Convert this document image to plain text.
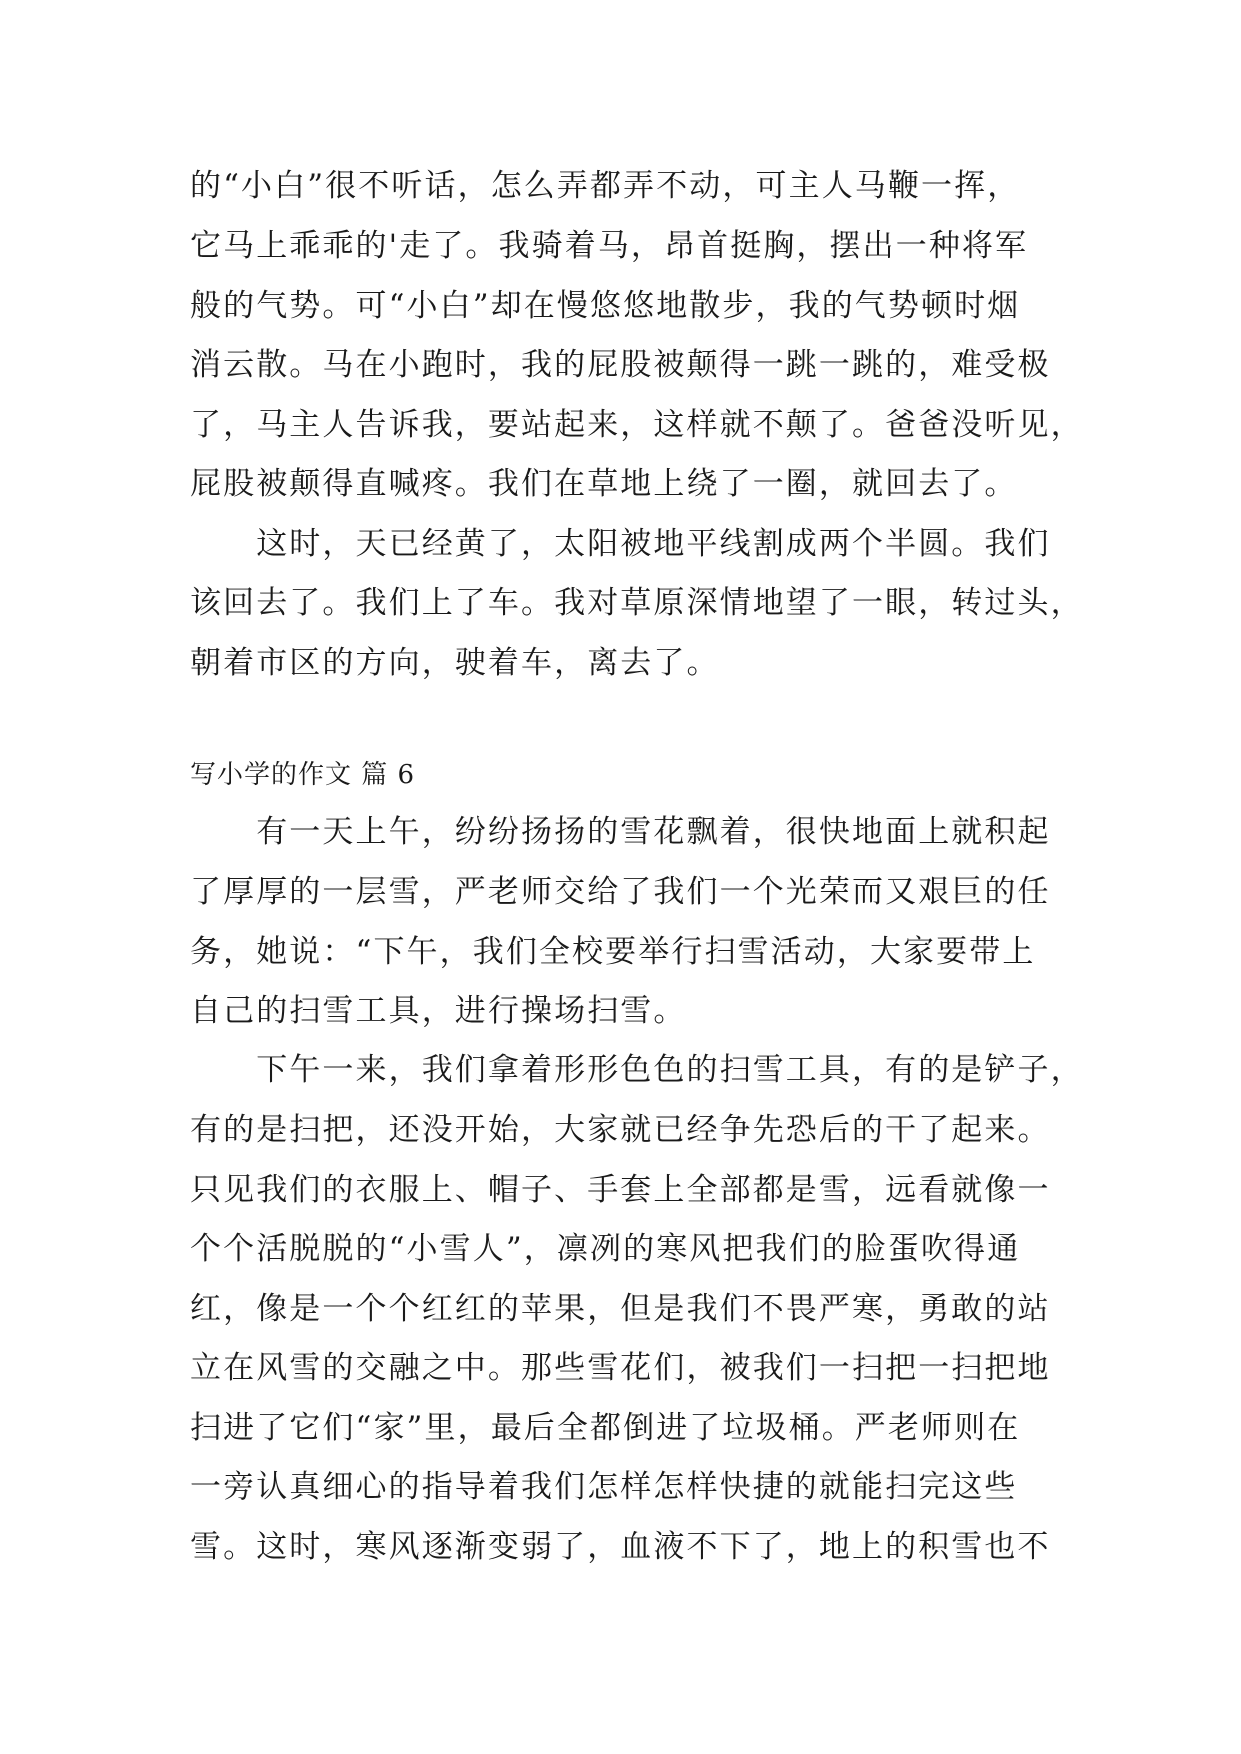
的“小白”很不听话，怎么弄都弄不动，可主人马鞭一挥，
它马上乖乖的'走了。我骑着马，昂首挺胸，摆出一种将军
般的气势。可“小白”却在慢悠悠地散步，我的气势顿时烟
消云散。马在小跑时，我的屁股被颠得一跳一跳的，难受极
了，马主人告诉我，要站起来，这样就不颠了。爸爸没听见，
屁股被颠得直喊疼。我们在草地上绕了一圈，就回去了。
　　这时，天已经黄了，太阳被地平线割成两个半圆。我们
该回去了。我们上了车。我对草原深情地望了一眼，转过头，
朝着市区的方向，驶着车，离去了。
写小学的作文 篇 6
　　有一天上午，纷纷扬扬的雪花飘着，很快地面上就积起
了厚厚的一层雪，严老师交给了我们一个光荣而又艰巨的任
务，她说：“下午，我们全校要举行扫雪活动，大家要带上
自己的扫雪工具，进行操场扫雪。
　　下午一来，我们拿着形形色色的扫雪工具，有的是铲子，
有的是扫把，还没开始，大家就已经争先恐后的干了起来。
只见我们的衣服上、帽子、手套上全部都是雪，远看就像一
个个活脱脱的“小雪人”，凛冽的寒风把我们的脸蛋吹得通
红，像是一个个红红的苹果，但是我们不畏严寒，勇敢的站
立在风雪的交融之中。那些雪花们，被我们一扫把一扫把地
扫进了它们“家”里，最后全都倒进了垃圾桶。严老师则在
一旁认真细心的指导着我们怎样怎样快捷的就能扫完这些
雪。这时，寒风逐渐变弱了，血液不下了，地上的积雪也不
